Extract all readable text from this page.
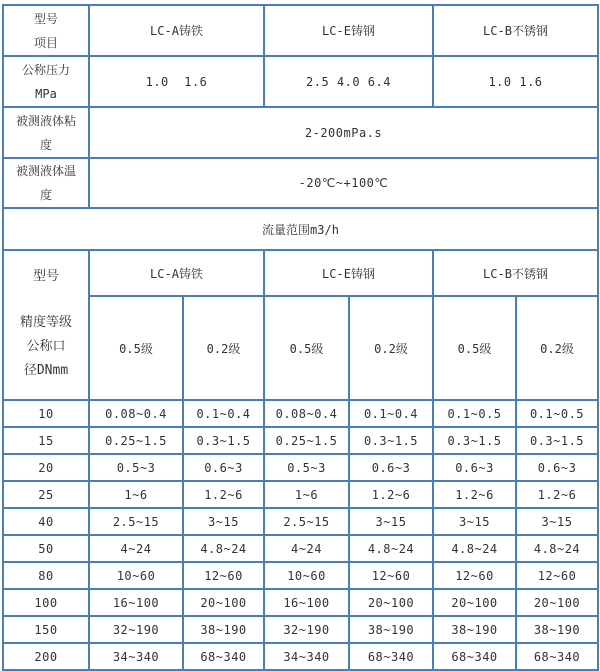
型号
项目	LC-A铸铁		LC-E铸钢		LC-B不锈钢	

公称压力
MPa	1.0  1.6		2.5 4.0 6.4		1.0 1.6	

被测液体粘
度	2-200mPa.s					

被测液体温
度	-20℃~+100℃					
流量范围m3/h						

型号
精度等级
公称口
径DNmm	LC-A铸铁		LC-E铸钢		LC-B不锈钢	
	0.5级	0.2级	0.5级	0.2级	0.5级	0.2级
10	0.08~0.4	0.1~0.4	0.08~0.4	0.1~0.4	0.1~0.5	0.1~0.5
15	0.25~1.5	0.3~1.5	0.25~1.5	0.3~1.5	0.3~1.5	0.3~1.5
20	0.5~3	0.6~3	0.5~3	0.6~3	0.6~3	0.6~3
25	1~6	1.2~6	1~6	1.2~6	1.2~6	1.2~6
40	2.5~15	3~15	2.5~15	3~15	3~15	3~15
50	4~24	4.8~24	4~24	4.8~24	4.8~24	4.8~24
80	10~60	12~60	10~60	12~60	12~60	12~60
100	16~100	20~100	16~100	20~100	20~100	20~100
150	32~190	38~190	32~190	38~190	38~190	38~190
200	34~340	68~340	34~340	68~340	68~340	68~340
